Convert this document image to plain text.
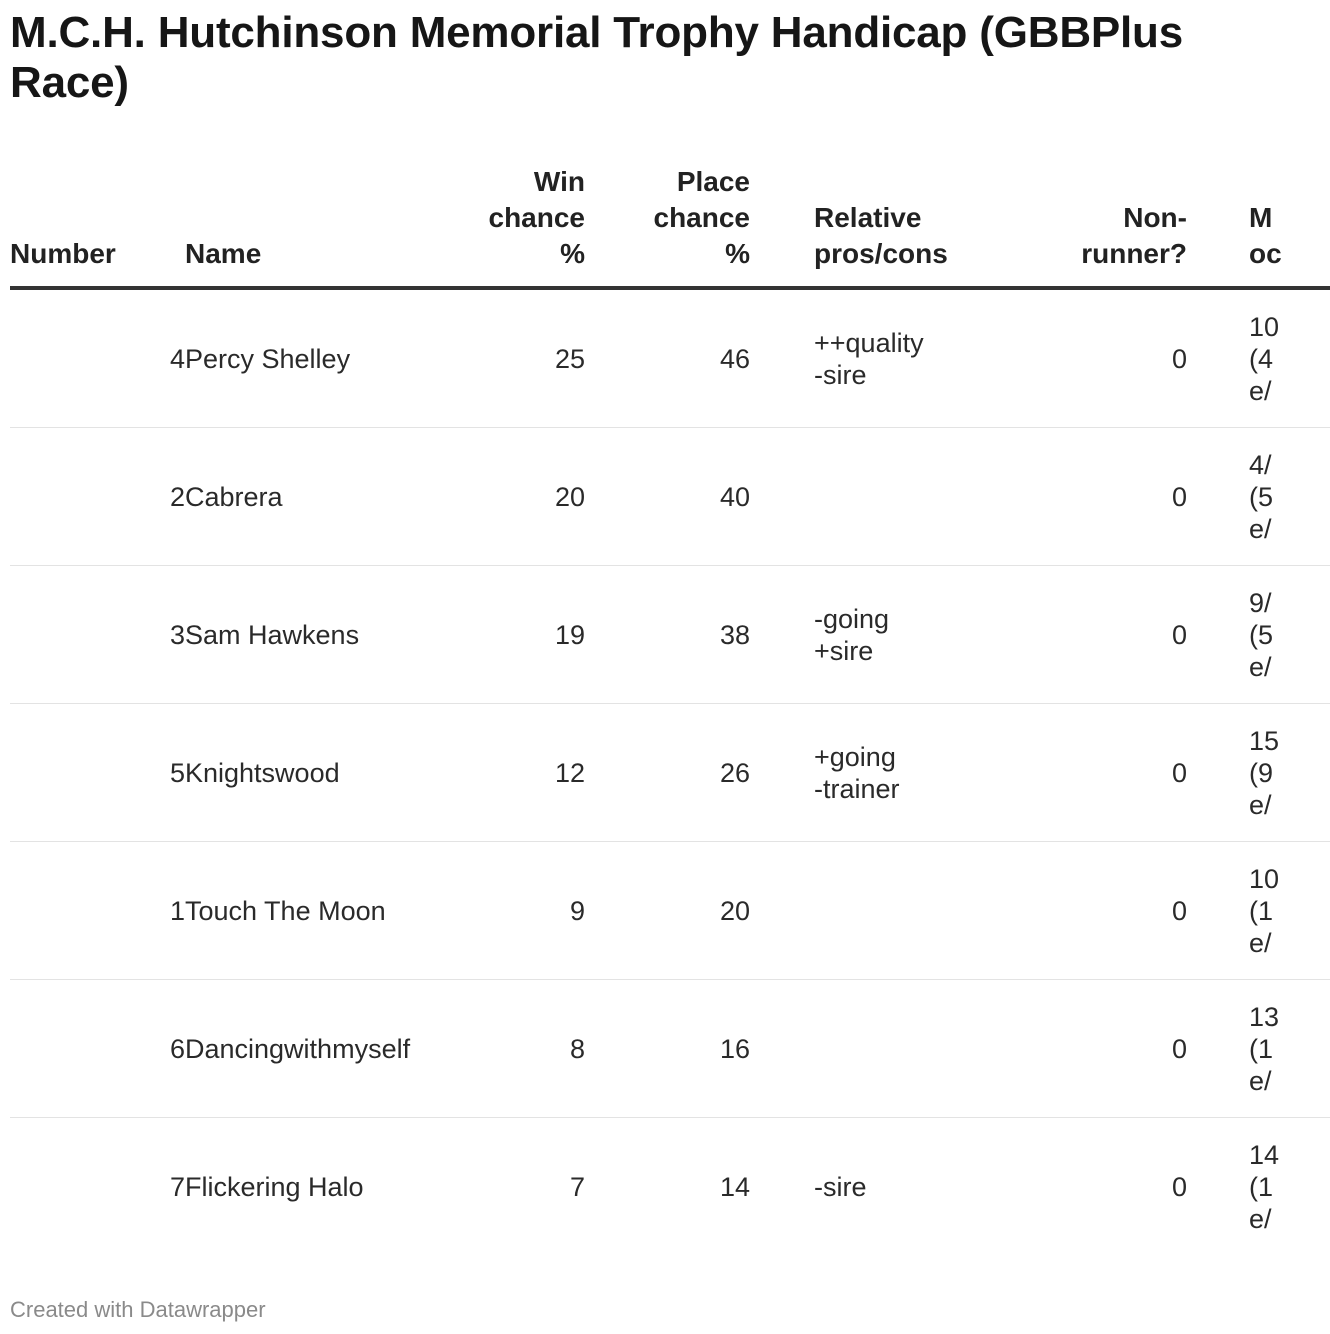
M.C.H. Hutchinson Memorial Trophy Handicap (GBBPlus Race)
Number	Name	Win
chance
%	Place
chance
%	Relative
pros/cons	Non-
runner?	M
oc

4	Percy Shelley	25	46	++quality
-sire	0	10
(4
e/

2	Cabrera	20	40		0	4/
(5
e/

3	Sam Hawkens	19	38	-going
+sire	0	9/
(5
e/

5	Knightswood	12	26	+going
-trainer	0	15
(9
e/

1	Touch The Moon	9	20		0	10
(1
e/

6	Dancingwithmyself	8	16		0	13
(1
e/

7	Flickering Halo	7	14	-sire	0	14
(1
e/
Created with Datawrapper
